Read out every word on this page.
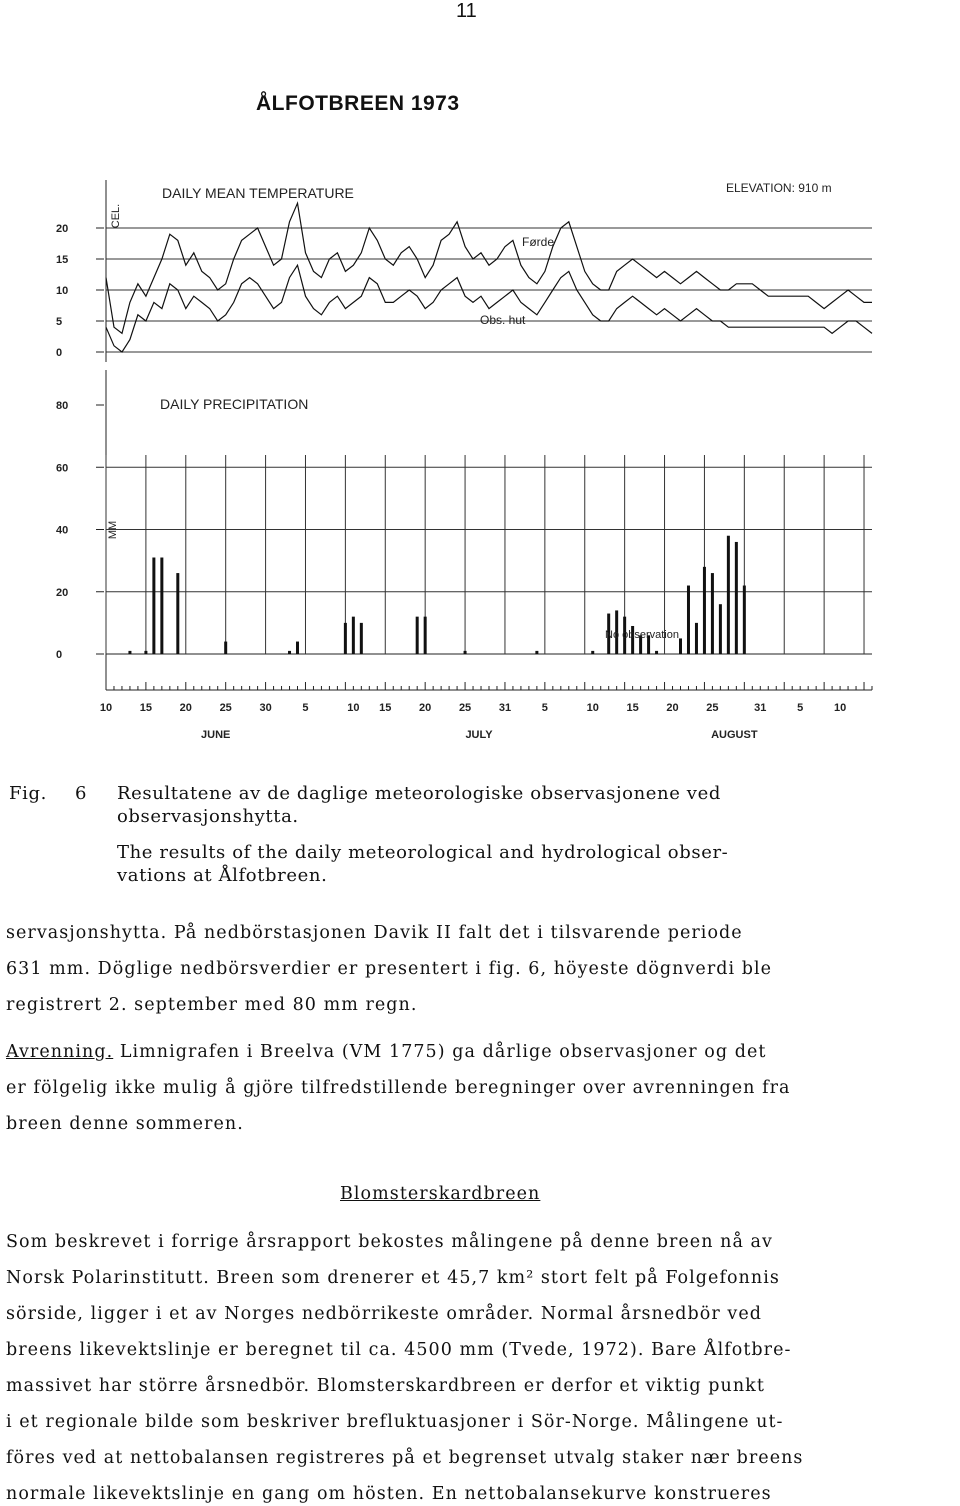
11
ÅLFOTBREEN 1973
DAILY MEAN TEMPERATURE	ELEVATION: 910 m
CEL.
20
15
10
5
0
Førde
Obs. hut
DAILY PRECIPITATION
MM
80
60
40
20
0
No observation
10	15	20	25	30	5	10 15	20	25	31	5	10	15	20	25	31	5	10
JUNE	JULY	AUGUST
Fig. 6 Resultatene av de daglige meteorologiske observasjonene ved
observasjonshytta.
The results of the daily meteorological and hydrological obser-
vations at Ålfotbreen.
servasjonshytta. På nedbörstasjonen Davik II falt det i tilsvarende periode
631 mm. Döglige nedbörsverdier er presentert i fig. 6, höyeste dögnverdi ble
registrert 2. september med 80 mm regn.
Avrenning. Limnigrafen i Breelva (VM 1775) ga dårlige observasjoner og det
er fölgelig ikke mulig å gjöre tilfredstillende beregninger over avrenningen fra
breen denne sommeren.
Blomsterskardbreen
Som beskrevet i forrige årsrapport bekostes målingene på denne breen nå av
Norsk Polarinstitutt. Breen som drenerer et 45,7 km² stort felt på Folgefonnis
sörside, ligger i et av Norges nedbörrikeste områder. Normal årsnedbör ved
breens likevektslinje er beregnet til ca. 4500 mm (Tvede, 1972). Bare Ålfotbre-
massivet har större årsnedbör. Blomsterskardbreen er derfor et viktig punkt
i et regionale bilde som beskriver brefluktuasjoner i Sör-Norge. Målingene ut-
föres ved at nettobalansen registreres på et begrenset utvalg staker nær breens
normale likevektslinje en gang om hösten. En nettobalansekurve konstrueres
